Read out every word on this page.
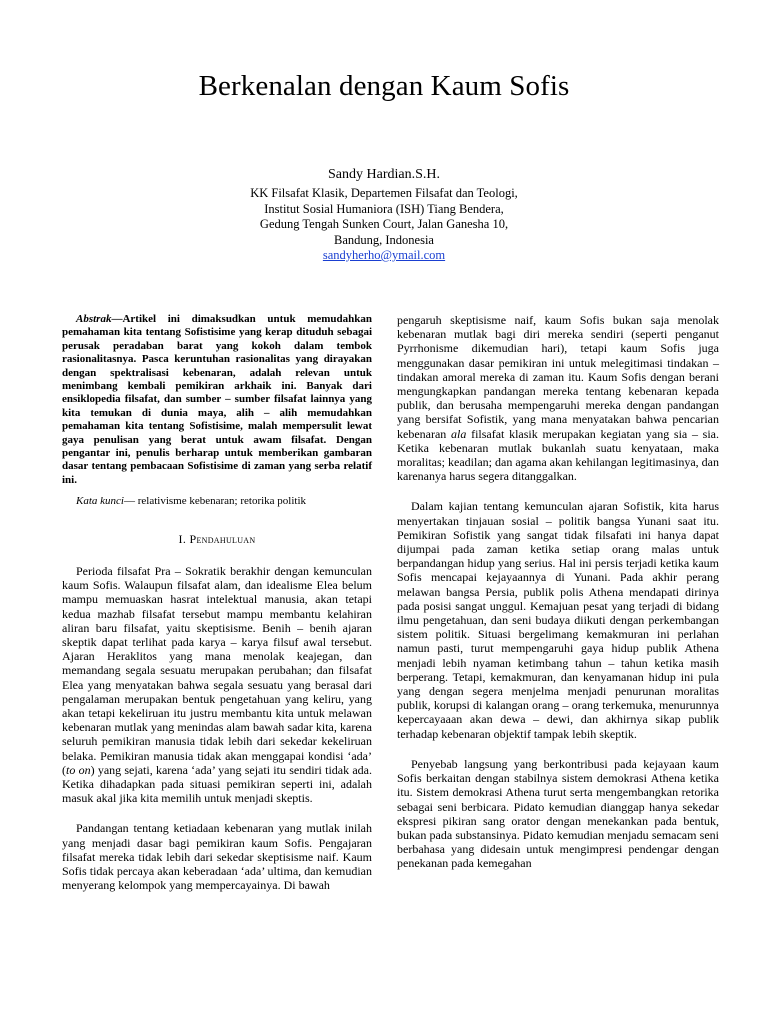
Berkenalan dengan Kaum Sofis
Sandy Hardian.S.H.
KK Filsafat Klasik, Departemen Filsafat dan Teologi,
Institut Sosial Humaniora (ISH) Tiang Bendera,
Gedung Tengah Sunken Court, Jalan Ganesha 10,
Bandung, Indonesia
sandyherho@ymail.com

Abstrak—Artikel ini dimaksudkan untuk memudahkan pemahaman kita tentang Sofistisime yang kerap dituduh sebagai perusak peradaban barat yang kokoh dalam tembok rasionalitasnya. Pasca keruntuhan rasionalitas yang dirayakan dengan spektralisasi kebenaran, adalah relevan untuk menimbang kembali pemikiran arkhaik ini. Banyak dari ensiklopedia filsafat, dan sumber – sumber filsafat lainnya yang kita temukan di dunia maya, alih – alih memudahkan pemahaman kita tentang Sofistisime, malah mempersulit lewat gaya penulisan yang berat untuk awam filsafat. Dengan pengantar ini, penulis berharap untuk memberikan gambaran dasar tentang pembacaan Sofistisime di zaman yang serba relatif ini.

Kata kunci— relativisme kebenaran; retorika politik

I. Pendahuluan

Perioda filsafat Pra – Sokratik berakhir dengan kemunculan kaum Sofis. Walaupun filsafat alam, dan idealisme Elea belum mampu memuaskan hasrat intelektual manusia, akan tetapi kedua mazhab filsafat tersebut mampu membantu kelahiran aliran baru filsafat, yaitu skeptisisme. Benih – benih ajaran skeptik dapat terlihat pada karya – karya filsuf awal tersebut. Ajaran Heraklitos yang mana menolak keajegan, dan memandang segala sesuatu merupakan perubahan; dan filsafat Elea yang menyatakan bahwa segala sesuatu yang berasal dari pengalaman merupakan bentuk pengetahuan yang keliru, yang akan tetapi kekeliruan itu justru membantu kita untuk melawan kebenaran mutlak yang menindas alam bawah sadar kita, karena seluruh pemikiran manusia tidak lebih dari sekedar kekeliruan belaka. Pemikiran manusia tidak akan menggapai kondisi ‘ada’ (to on) yang sejati, karena ‘ada’ yang sejati itu sendiri tidak ada. Ketika dihadapkan pada situasi pemikiran seperti ini, adalah masuk akal jika kita memilih untuk menjadi skeptis.

Pandangan tentang ketiadaan kebenaran yang mutlak inilah yang menjadi dasar bagi pemikiran kaum Sofis. Pengajaran filsafat mereka tidak lebih dari sekedar skeptisisme naif. Kaum Sofis tidak percaya akan keberadaan ‘ada’ ultima, dan kemudian menyerang kelompok yang mempercayainya. Di bawah

pengaruh skeptisisme naif, kaum Sofis bukan saja menolak kebenaran mutlak bagi diri mereka sendiri (seperti penganut Pyrrhonisme dikemudian hari), tetapi kaum Sofis juga menggunakan dasar pemikiran ini untuk melegitimasi tindakan – tindakan amoral mereka di zaman itu. Kaum Sofis dengan berani mengungkapkan pandangan mereka tentang kebenaran kepada publik, dan berusaha mempengaruhi mereka dengan pandangan yang bersifat Sofistik, yang mana menyatakan bahwa pencarian kebenaran ala filsafat klasik merupakan kegiatan yang sia – sia. Ketika kebenaran mutlak bukanlah suatu kenyataan, maka moralitas; keadilan; dan agama akan kehilangan legitimasinya, dan karenanya harus segera ditanggalkan.

Dalam kajian tentang kemunculan ajaran Sofistik, kita harus menyertakan tinjauan sosial – politik bangsa Yunani saat itu. Pemikiran Sofistik yang sangat tidak filsafati ini hanya dapat dijumpai pada zaman ketika setiap orang malas untuk berpandangan hidup yang serius. Hal ini persis terjadi ketika kaum Sofis mencapai kejayaannya di Yunani. Pada akhir perang melawan bangsa Persia, publik polis Athena mendapati dirinya pada posisi sangat unggul. Kemajuan pesat yang terjadi di bidang ilmu pengetahuan, dan seni budaya diikuti dengan perkembangan sistem politik. Situasi bergelimang kemakmuran ini perlahan namun pasti, turut mempengaruhi gaya hidup publik Athena menjadi lebih nyaman ketimbang tahun – tahun ketika masih berperang. Tetapi, kemakmuran, dan kenyamanan hidup ini pula yang dengan segera menjelma menjadi penurunan moralitas publik, korupsi di kalangan orang – orang terkemuka, menurunnya kepercayaaan akan dewa – dewi, dan akhirnya sikap publik terhadap kebenaran objektif tampak lebih skeptik.

Penyebab langsung yang berkontribusi pada kejayaan kaum Sofis berkaitan dengan stabilnya sistem demokrasi Athena ketika itu. Sistem demokrasi Athena turut serta mengembangkan retorika sebagai seni berbicara. Pidato kemudian dianggap hanya sekedar ekspresi pikiran sang orator dengan menekankan pada bentuk, bukan pada substansinya. Pidato kemudian menjadu semacam seni berbahasa yang didesain untuk mengimpresi pendengar dengan penekanan pada kemegahan
